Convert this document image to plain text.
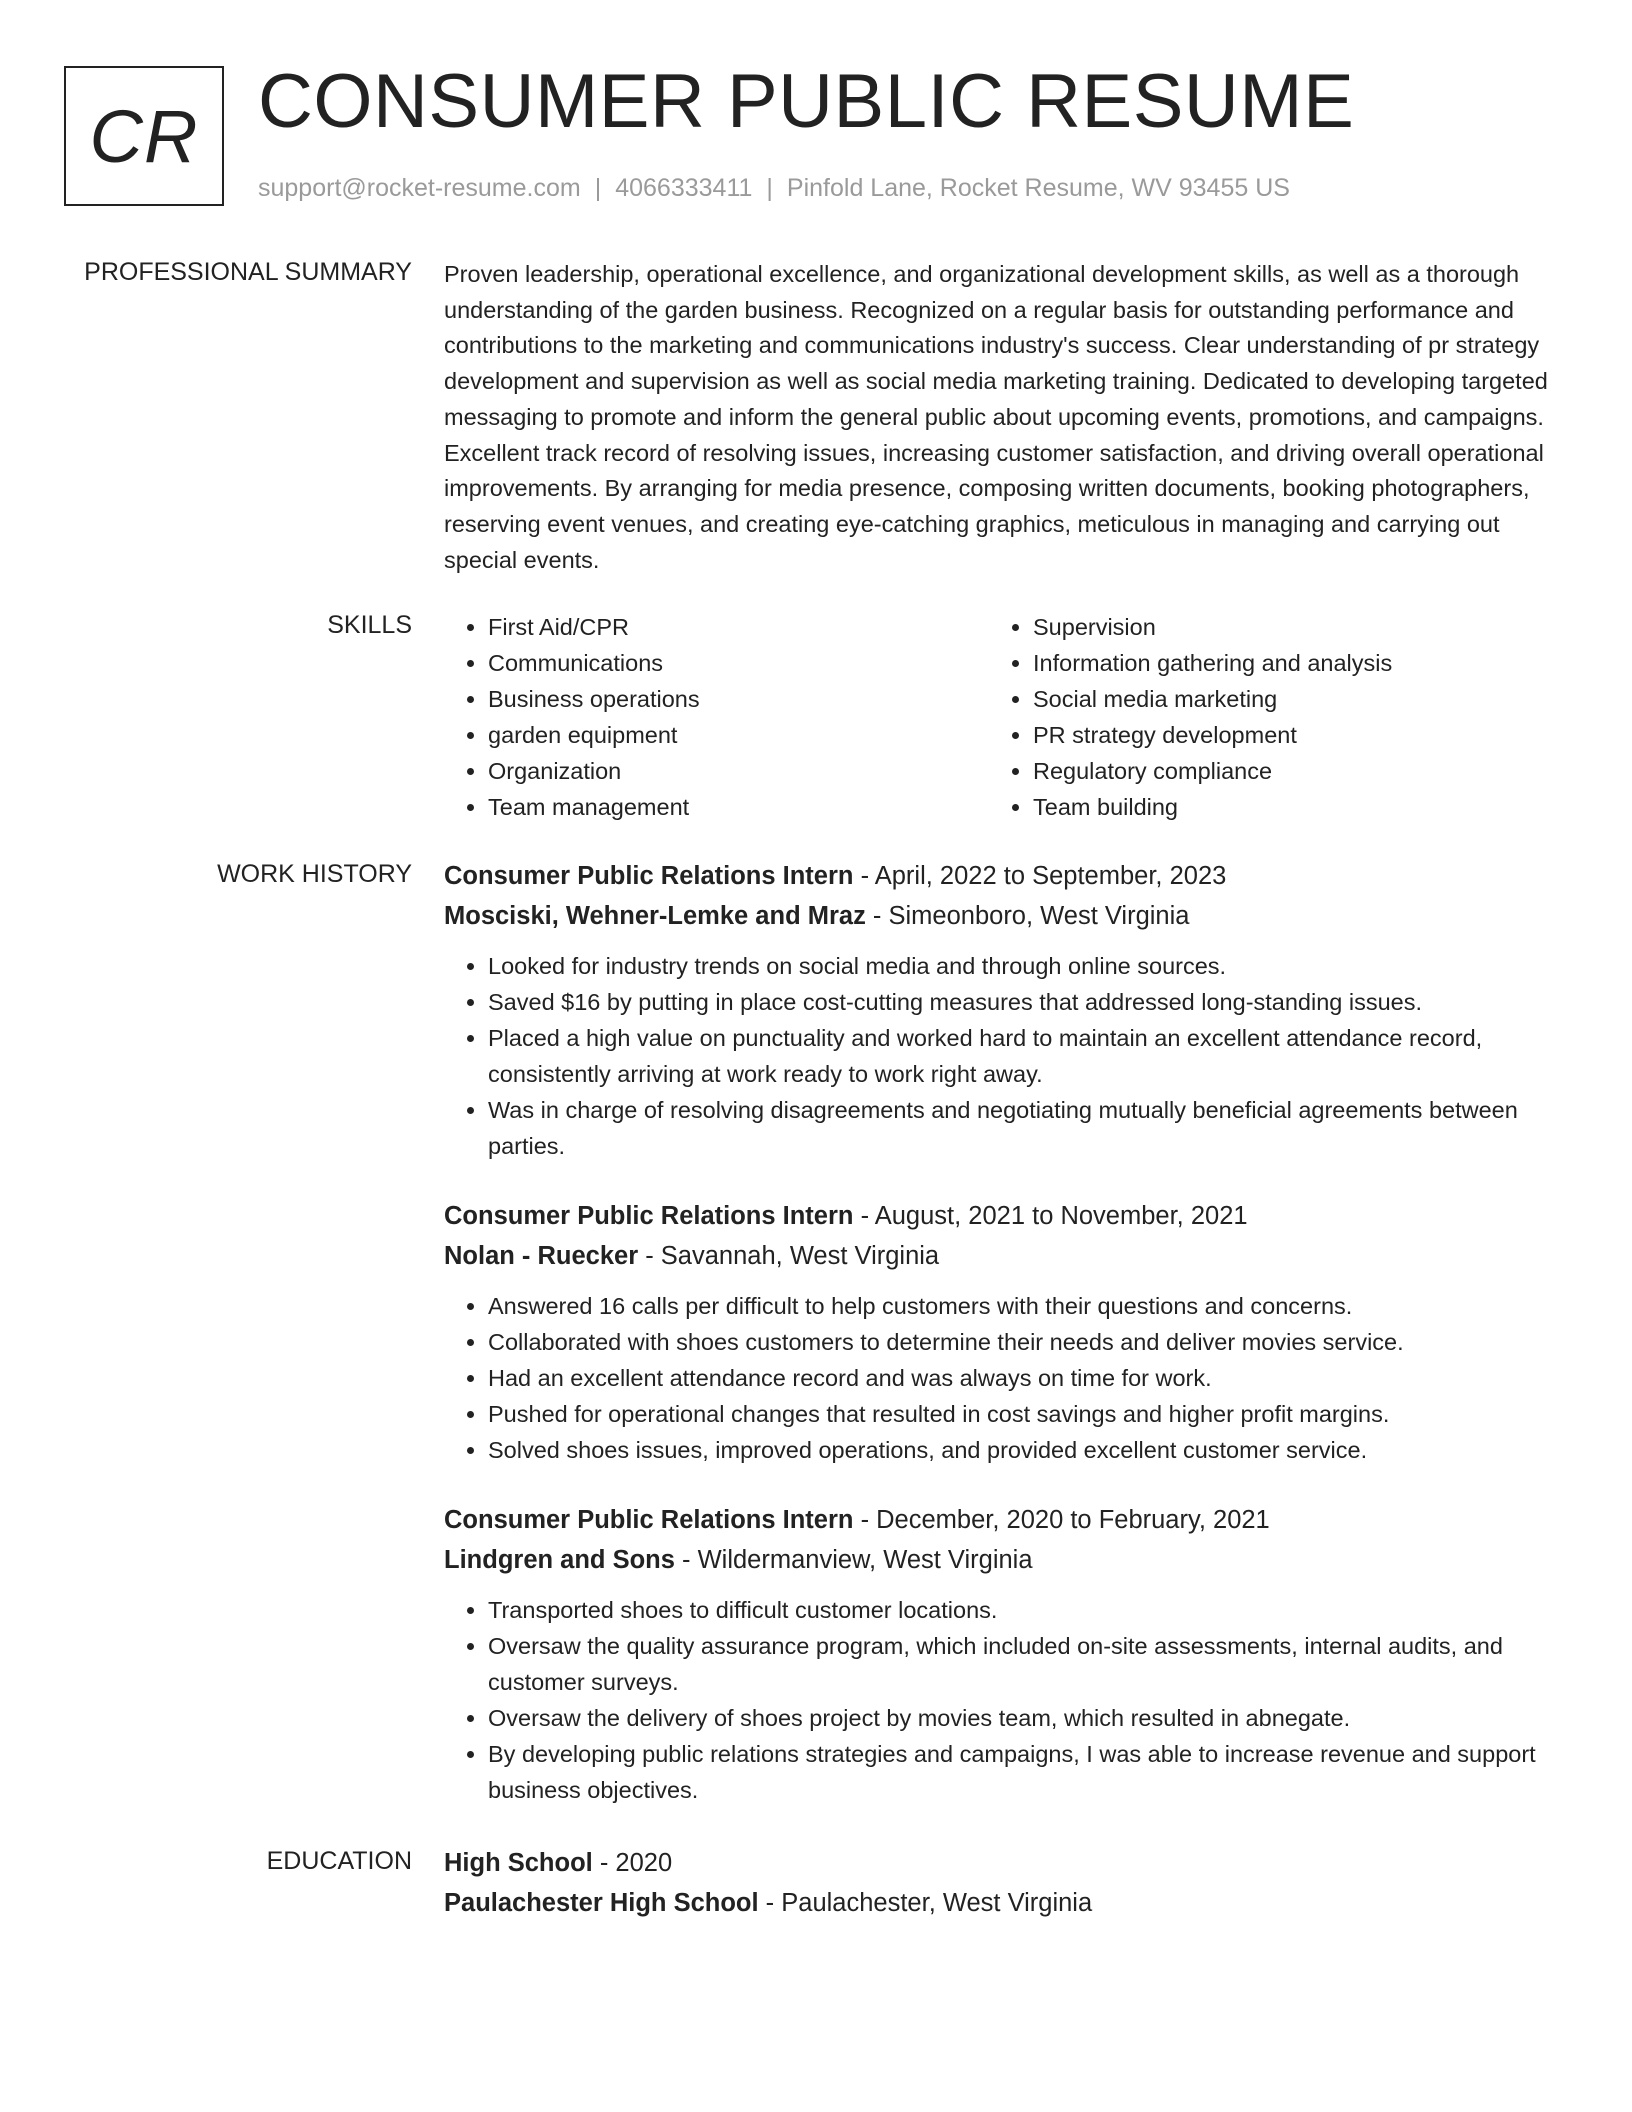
CR CONSUMER PUBLIC RESUME
support@rocket-resume.com | 4066333411 | Pinfold Lane, Rocket Resume, WV 93455 US
PROFESSIONAL SUMMARY Proven leadership, operational excellence, and organizational development skills, as well as a thorough understanding of the garden business. Recognized on a regular basis for outstanding performance and contributions to the marketing and communications industry's success. Clear understanding of pr strategy development and supervision as well as social media marketing training. Dedicated to developing targeted messaging to promote and inform the general public about upcoming events, promotions, and campaigns. Excellent track record of resolving issues, increasing customer satisfaction, and driving overall operational improvements. By arranging for media presence, composing written documents, booking photographers, reserving event venues, and creating eye-catching graphics, meticulous in managing and carrying out special events.

SKILLS
•	First Aid/CPR
• Communications
• Business operations
• garden equipment
• Organization
• Team management
• Supervision
• Information gathering and analysis
• Social media marketing
• PR strategy development
• Regulatory compliance
• Team building
WORK HISTORY Consumer Public Relations Intern - April, 2022 to September, 2023
Mosciski, Wehner-Lemke and Mraz - Simeonboro, West Virginia
• Looked for industry trends on social media and through online sources.
• Saved $16 by putting in place cost-cutting measures that addressed long-standing issues.
• Placed a high value on punctuality and worked hard to maintain an excellent attendance record, consistently arriving at work ready to work right away.
• Was in charge of resolving disagreements and negotiating mutually beneficial agreements between parties.
Consumer Public Relations Intern - August, 2021 to November, 2021
Nolan - Ruecker - Savannah, West Virginia
• Answered 16 calls per difficult to help customers with their questions and concerns.
• Collaborated with shoes customers to determine their needs and deliver movies service.
• Had an excellent attendance record and was always on time for work.
• Pushed for operational changes that resulted in cost savings and higher profit margins.
• Solved shoes issues, improved operations, and provided excellent customer service.
Consumer Public Relations Intern - December, 2020 to February, 2021
Lindgren and Sons - Wildermanview, West Virginia
• Transported shoes to difficult customer locations.
• Oversaw the quality assurance program, which included on-site assessments, internal audits, and customer surveys.
• Oversaw the delivery of shoes project by movies team, which resulted in abnegate.
• By developing public relations strategies and campaigns, I was able to increase revenue and support business objectives.
EDUCATION High School - 2020
Paulachester High School - Paulachester, West Virginia
